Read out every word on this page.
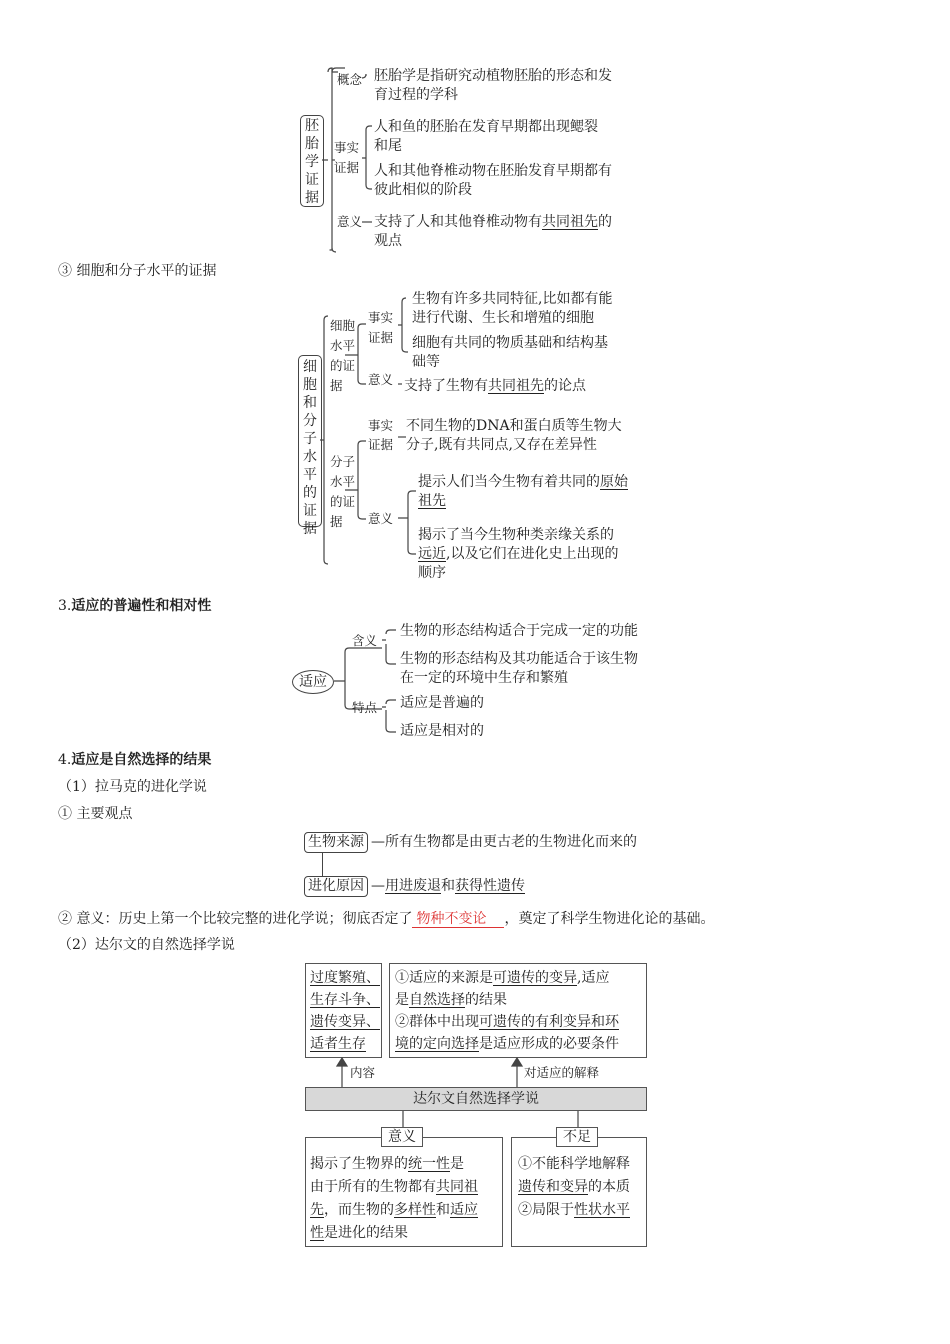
胚胎学证据
概念 胚胎学是指研究动植物胚胎的形态和发
育过程的学科
事实
证据
人和鱼的胚胎在发育早期都出现鳃裂
和尾
人和其他脊椎动物在胚胎发育早期都有
彼此相似的阶段
意义 支持了人和其他脊椎动物有共同祖先的
观点
③ 细胞和分子水平的证据
细胞和分子水平的证据
细胞
水平
的证
据
事实
证据
生物有许多共同特征,比如都有能
进行代谢、生长和增殖的细胞
细胞有共同的物质基础和结构基
础等
意义 支持了生物有共同祖先的论点
分子
水平
的证
据
事实
证据
不同生物的DNA和蛋白质等生物大
分子,既有共同点,又存在差异性
意义
提示人们当今生物有着共同的原始
祖先
揭示了当今生物种类亲缘关系的
远近,以及它们在进化史上出现的
顺序
3.适应的普遍性和相对性
适应
含义
生物的形态结构适合于完成一定的功能
生物的形态结构及其功能适合于该生物
在一定的环境中生存和繁殖
特点 适应是普遍的
适应是相对的
4.适应是自然选择的结果
（1）拉马克的进化学说
① 主要观点
生物来源 —所有生物都是由更古老的生物进化而来的
进化原因 —用进废退和获得性遗传
② 意义：历史上第一个比较完整的进化学说；彻底否定了 物种不变论 ，奠定了科学生物进化论的基础。
（2）达尔文的自然选择学说
过度繁殖、
生存斗争、
遗传变异、
适者生存
①适应的来源是可遗传的变异,适应
是自然选择的结果
②群体中出现可遗传的有利变异和环
境的定向选择是适应形成的必要条件
内容	对适应的解释
达尔文自然选择学说
意义
揭示了生物界的统一性是
由于所有的生物都有共同祖
先，而生物的多样性和适应
性是进化的结果
不足
①不能科学地解释
遗传和变异的本质
②局限于性状水平
